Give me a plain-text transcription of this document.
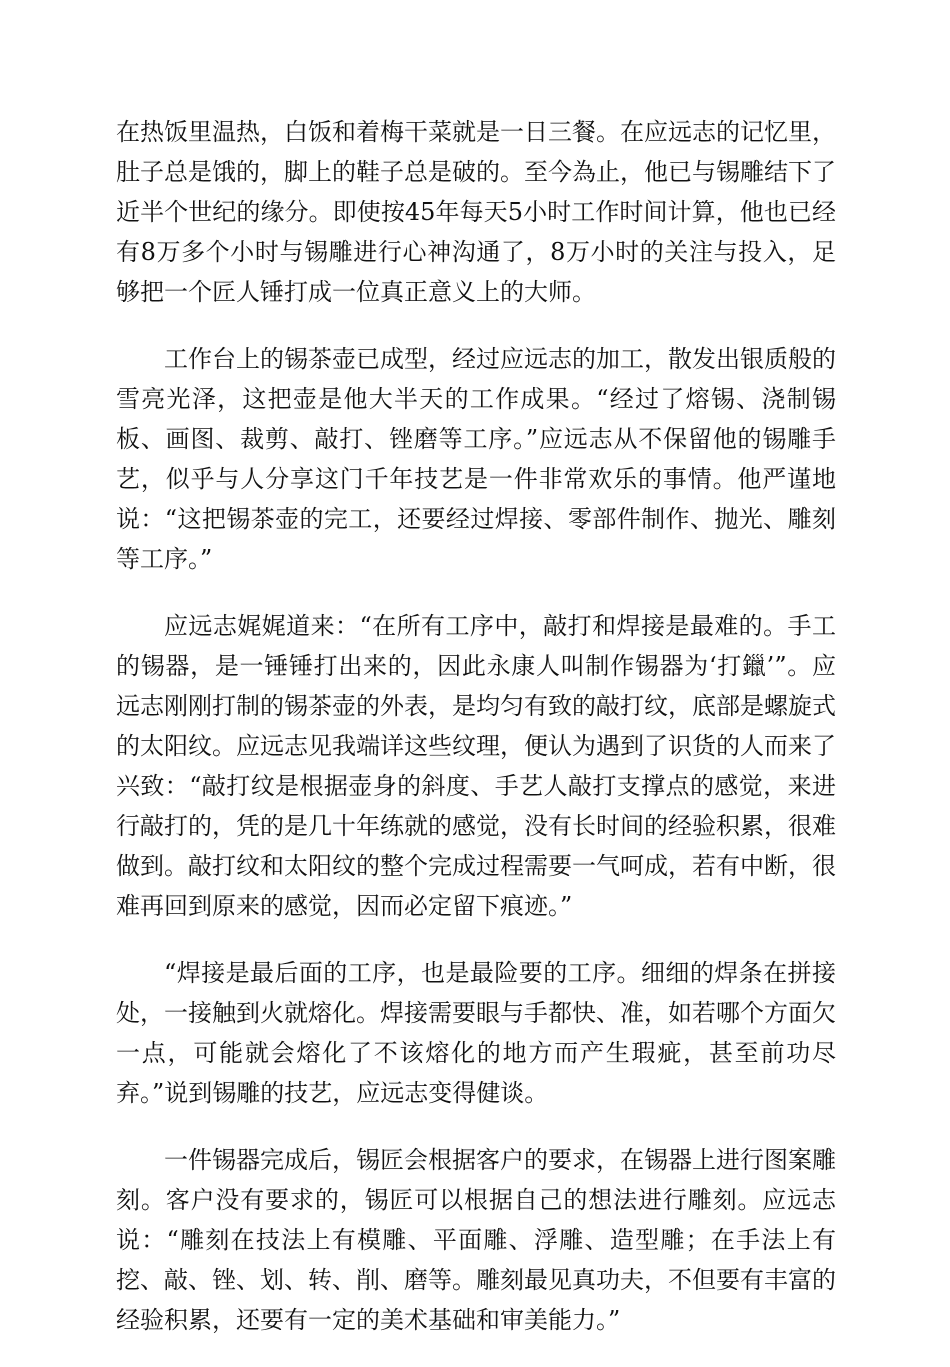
在热饭里温热，白饭和着梅干菜就是一日三餐。在应远志的记忆里，肚子总是饿的，脚上的鞋子总是破的。至今為止，他已与锡雕结下了近半个世纪的缘分。即使按45年每天5小时工作时间计算，他也已经有8万多个小时与锡雕进行心神沟通了，8万小时的关注与投入，足够把一个匠人锤打成一位真正意义上的大师。

工作台上的锡茶壶已成型，经过应远志的加工，散发出银质般的雪亮光泽，这把壶是他大半天的工作成果。“经过了熔锡、浇制锡板、画图、裁剪、敲打、锉磨等工序。”应远志从不保留他的锡雕手艺，似乎与人分享这门千年技艺是一件非常欢乐的事情。他严谨地说：“这把锡茶壶的完工，还要经过焊接、零部件制作、抛光、雕刻等工序。”

应远志娓娓道来：“在所有工序中，敲打和焊接是最难的。手工的锡器，是一锤锤打出来的，因此永康人叫制作锡器为‘打鑞’”。应远志刚刚打制的锡茶壶的外表，是均匀有致的敲打纹，底部是螺旋式的太阳纹。应远志见我端详这些纹理，便认为遇到了识货的人而来了兴致：“敲打纹是根据壶身的斜度、手艺人敲打支撑点的感觉，来进行敲打的，凭的是几十年练就的感觉，没有长时间的经验积累，很难做到。敲打纹和太阳纹的整个完成过程需要一气呵成，若有中断，很难再回到原来的感觉，因而必定留下痕迹。”

“焊接是最后面的工序，也是最险要的工序。细细的焊条在拼接处，一接触到火就熔化。焊接需要眼与手都快、准，如若哪个方面欠一点，可能就会熔化了不该熔化的地方而产生瑕疵，甚至前功尽弃。”说到锡雕的技艺，应远志变得健谈。

一件锡器完成后，锡匠会根据客户的要求，在锡器上进行图案雕刻。客户没有要求的，锡匠可以根据自己的想法进行雕刻。应远志说：“雕刻在技法上有模雕、平面雕、浮雕、造型雕；在手法上有挖、敲、锉、划、转、削、磨等。雕刻最见真功夫，不但要有丰富的经验积累，还要有一定的美术基础和审美能力。”
